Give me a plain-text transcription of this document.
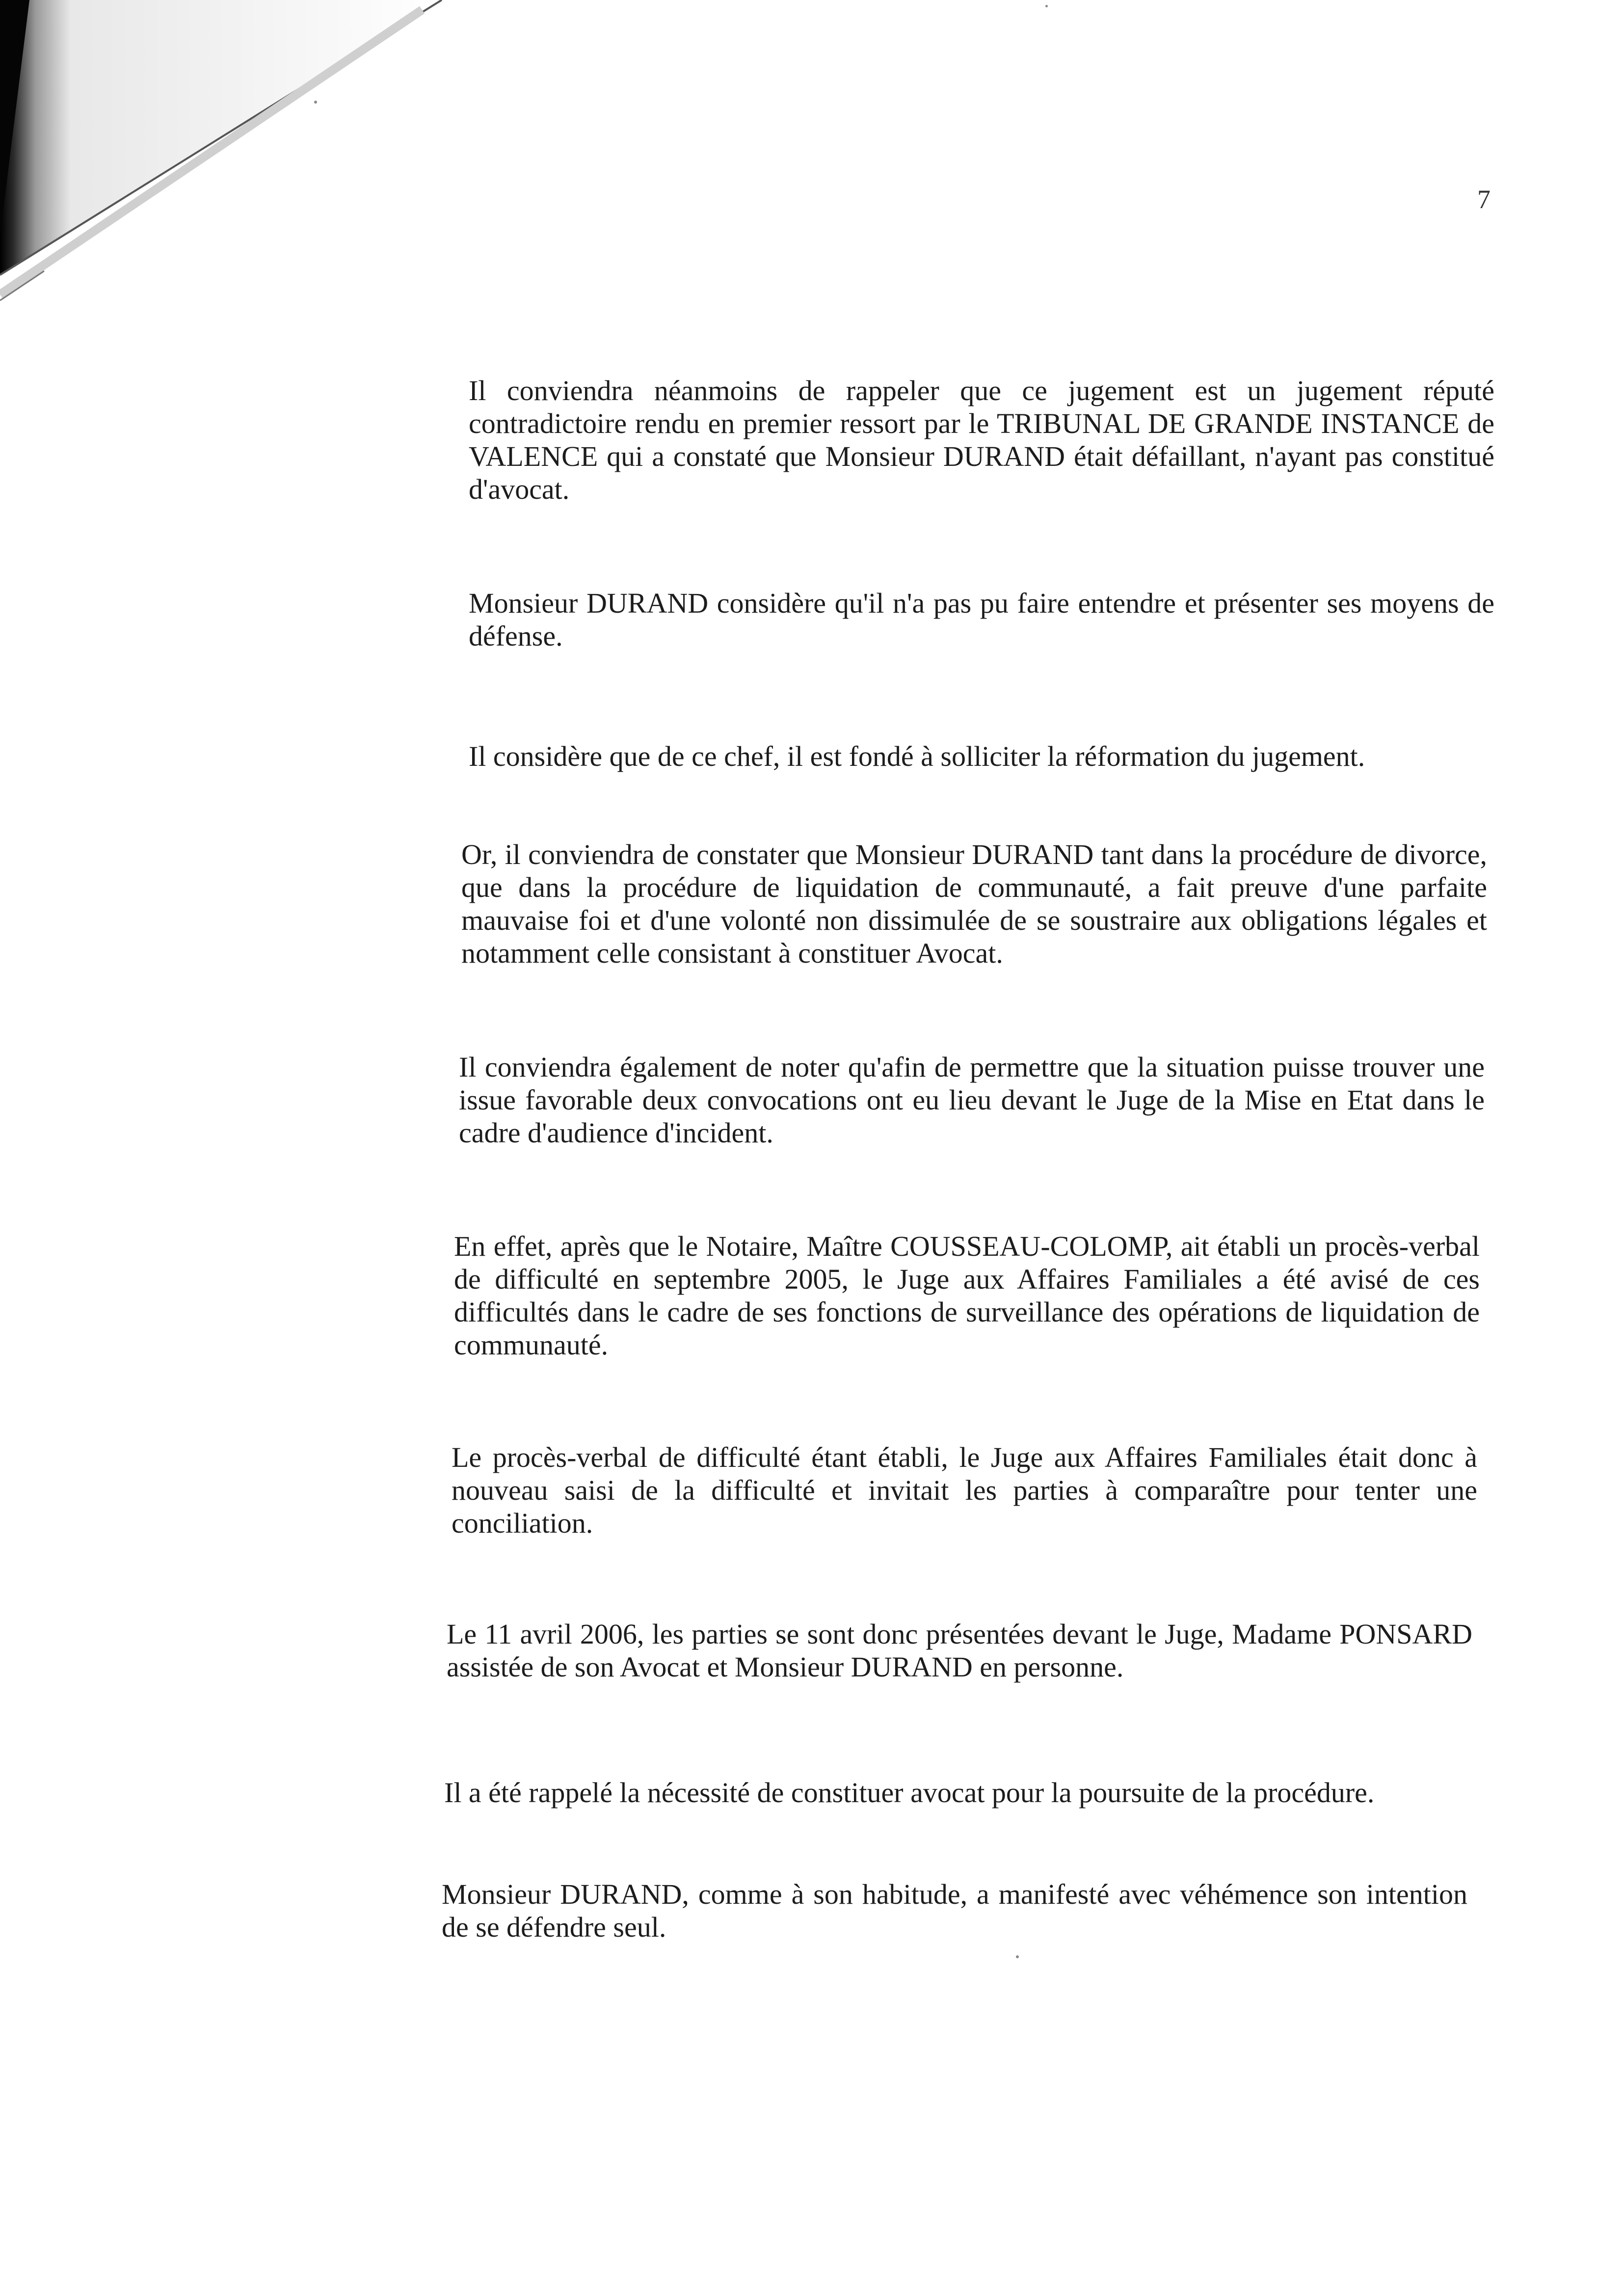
7

Il conviendra néanmoins de rappeler que ce jugement est un jugement réputé contradictoire rendu en premier ressort par le TRIBUNAL DE GRANDE INSTANCE de VALENCE qui a constaté que Monsieur DURAND était défaillant, n'ayant pas constitué d'avocat.

Monsieur DURAND considère qu'il n'a pas pu faire entendre et présenter ses moyens de défense.

Il considère que de ce chef, il est fondé à solliciter la réformation du jugement.

Or, il conviendra de constater que Monsieur DURAND tant dans la procédure de divorce, que dans la procédure de liquidation de communauté, a fait preuve d'une parfaite mauvaise foi et d'une volonté non dissimulée de se soustraire aux obligations légales et notamment celle consistant à constituer Avocat.

Il conviendra également de noter qu'afin de permettre que la situation puisse trouver une issue favorable deux convocations ont eu lieu devant le Juge de la Mise en Etat dans le cadre d'audience d'incident.

En effet, après que le Notaire, Maître COUSSEAU-COLOMP, ait établi un procès-verbal de difficulté en septembre 2005, le Juge aux Affaires Familiales a été avisé de ces difficultés dans le cadre de ses fonctions de surveillance des opérations de liquidation de communauté.

Le procès-verbal de difficulté étant établi, le Juge aux Affaires Familiales était donc à nouveau saisi de la difficulté et invitait les parties à comparaître pour tenter une conciliation.

Le 11 avril 2006, les parties se sont donc présentées devant le Juge, Madame PONSARD assistée de son Avocat et Monsieur DURAND en personne.

Il a été rappelé la nécessité de constituer avocat pour la poursuite de la procédure.

Monsieur DURAND, comme à son habitude, a manifesté avec véhémence son intention de se défendre seul.
